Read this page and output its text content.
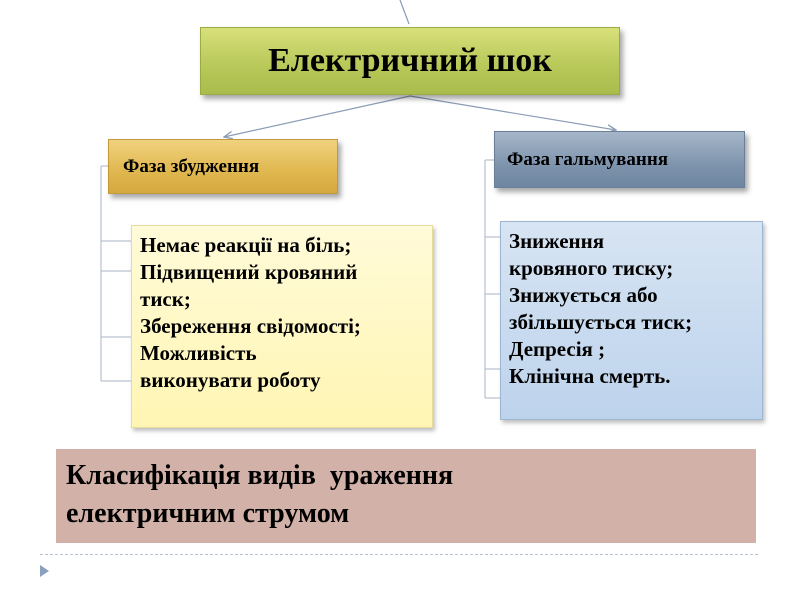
Електричний шок
Фаза збудження	Фаза гальмування
Немає реакції на біль;
Підвищений кровяний
тиск;
Збереження свідомості;
Можливість
виконувати роботу
Зниження
кровяного тиску;
Знижується або
збільшується тиск;
Депресія ;
Клінічна смерть.
Класифікація видів  ураження
електричним струмом
